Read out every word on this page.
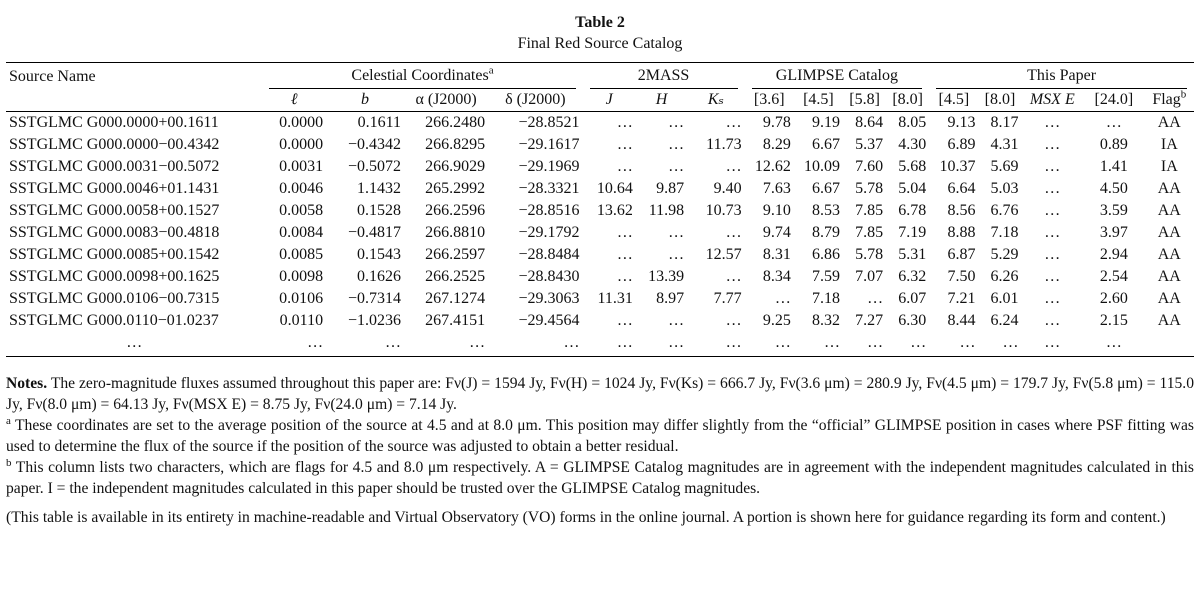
Table 2
Final Red Source Catalog
Source Name	Celestial Coordinates$^a$				2MASS			GLIMPSE Catalog				This Paper				

	ℓ	b	α (J2000)	δ (J2000)	J	H	Kₛ	[3.6]	[4.5]	[5.8]	[8.0]	[4.5]	[8.0]	MSX E	[24.0]	Flag$^b$

SSTGLMC G000.0000+00.1611	0.0000	0.1611	266.2480	−28.8521	…	…	…	9.78	9.19	8.64	8.05	9.13	8.17	…	…	AA
SSTGLMC G000.0000−00.4342	0.0000	−0.4342	266.8295	−29.1617	…	…	11.73	8.29	6.67	5.37	4.30	6.89	4.31	…	0.89	IA
SSTGLMC G000.0031−00.5072	0.0031	−0.5072	266.9029	−29.1969	…	…	…	12.62	10.09	7.60	5.68	10.37	5.69	…	1.41	IA
SSTGLMC G000.0046+01.1431	0.0046	1.1432	265.2992	−28.3321	10.64	9.87	9.40	7.63	6.67	5.78	5.04	6.64	5.03	…	4.50	AA
SSTGLMC G000.0058+00.1527	0.0058	0.1528	266.2596	−28.8516	13.62	11.98	10.73	9.10	8.53	7.85	6.78	8.56	6.76	…	3.59	AA
SSTGLMC G000.0083−00.4818	0.0084	−0.4817	266.8810	−29.1792	…	…	…	9.74	8.79	7.85	7.19	8.88	7.18	…	3.97	AA
SSTGLMC G000.0085+00.1542	0.0085	0.1543	266.2597	−28.8484	…	…	12.57	8.31	6.86	5.78	5.31	6.87	5.29	…	2.94	AA
SSTGLMC G000.0098+00.1625	0.0098	0.1626	266.2525	−28.8430	…	13.39	…	8.34	7.59	7.07	6.32	7.50	6.26	…	2.54	AA
SSTGLMC G000.0106−00.7315	0.0106	−0.7314	267.1274	−29.3063	11.31	8.97	7.77	…	7.18	…	6.07	7.21	6.01	…	2.60	AA
SSTGLMC G000.0110−01.0237	0.0110	−1.0236	267.4151	−29.4564	…	…	…	9.25	8.32	7.27	6.30	8.44	6.24	…	2.15	AA
…	…	…	…	…	…	…	…	…	…	…	…	…	…	…	…	

Notes. The zero-magnitude fluxes assumed throughout this paper are: Fν(J) = 1594 Jy, Fν(H) = 1024 Jy, Fν(Ks) = 666.7 Jy, Fν(3.6 μm) = 280.9 Jy, Fν(4.5 μm) = 179.7 Jy, Fν(5.8 μm) = 115.0 Jy, Fν(8.0 μm) = 64.13 Jy, Fν(MSX E) = 8.75 Jy, Fν(24.0 μm) = 7.14 Jy.

$^a$ These coordinates are set to the average position of the source at 4.5 and at 8.0 μm. This position may differ slightly from the “official” GLIMPSE position in cases where PSF fitting was used to determine the flux of the source if the position of the source was adjusted to obtain a better residual.

$^b$ This column lists two characters, which are flags for 4.5 and 8.0 μm respectively. A = GLIMPSE Catalog magnitudes are in agreement with the independent magnitudes calculated in this paper. I = the independent magnitudes calculated in this paper should be trusted over the GLIMPSE Catalog magnitudes.

(This table is available in its entirety in machine-readable and Virtual Observatory (VO) forms in the online journal. A portion is shown here for guidance regarding its form and content.)
